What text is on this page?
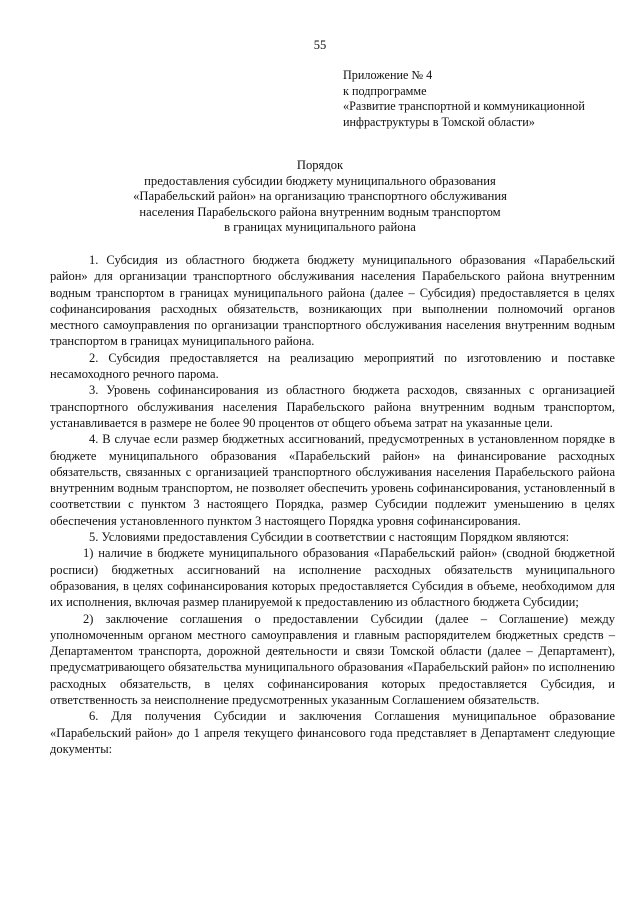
55
Приложение № 4
к подпрограмме
«Развитие транспортной и коммуникационной
инфраструктуры в Томской области»
Порядок
предоставления субсидии бюджету муниципального образования
«Парабельский район» на организацию транспортного обслуживания
населения Парабельского района внутренним водным транспортом
в границах муниципального района

1. Субсидия из областного бюджета бюджету муниципального образования «Парабельский район» для организации транспортного обслуживания населения Парабельского района внутренним водным транспортом в границах муниципального района (далее – Субсидия) предоставляется в целях софинансирования расходных обязательств, возникающих при выполнении полномочий органов местного самоуправления по организации транспортного обслуживания населения внутренним водным транспортом в границах муниципального района.

2. Субсидия предоставляется на реализацию мероприятий по изготовлению и поставке несамоходного речного парома.

3. Уровень софинансирования из областного бюджета расходов, связанных с организацией транспортного обслуживания населения Парабельского района внутренним водным транспортом, устанавливается в размере не более 90 процентов от общего объема затрат на указанные цели.

4. В случае если размер бюджетных ассигнований, предусмотренных в установленном порядке в бюджете муниципального образования «Парабельский район» на финансирование расходных обязательств, связанных с организацией транспортного обслуживания населения Парабельского района внутренним водным транспортом, не позволяет обеспечить уровень софинансирования, установленный в соответствии с пунктом 3 настоящего Порядка, размер Субсидии подлежит уменьшению в целях обеспечения установленного пунктом 3 настоящего Порядка уровня софинансирования.

5. Условиями предоставления Субсидии в соответствии с настоящим Порядком являются:

1) наличие в бюджете муниципального образования «Парабельский район» (сводной бюджетной росписи) бюджетных ассигнований на исполнение расходных обязательств муниципального образования, в целях софинансирования которых предоставляется Субсидия в объеме, необходимом для их исполнения, включая размер планируемой к предоставлению из областного бюджета Субсидии;

2) заключение соглашения о предоставлении Субсидии (далее – Соглашение) между уполномоченным органом местного самоуправления и главным распорядителем бюджетных средств – Департаментом транспорта, дорожной деятельности и связи Томской области (далее – Департамент), предусматривающего обязательства муниципального образования «Парабельский район» по исполнению расходных обязательств, в целях софинансирования которых предоставляется Субсидия, и ответственность за неисполнение предусмотренных указанным Соглашением обязательств.

6. Для получения Субсидии и заключения Соглашения муниципальное образование «Парабельский район» до 1 апреля текущего финансового года представляет в Департамент следующие документы:
